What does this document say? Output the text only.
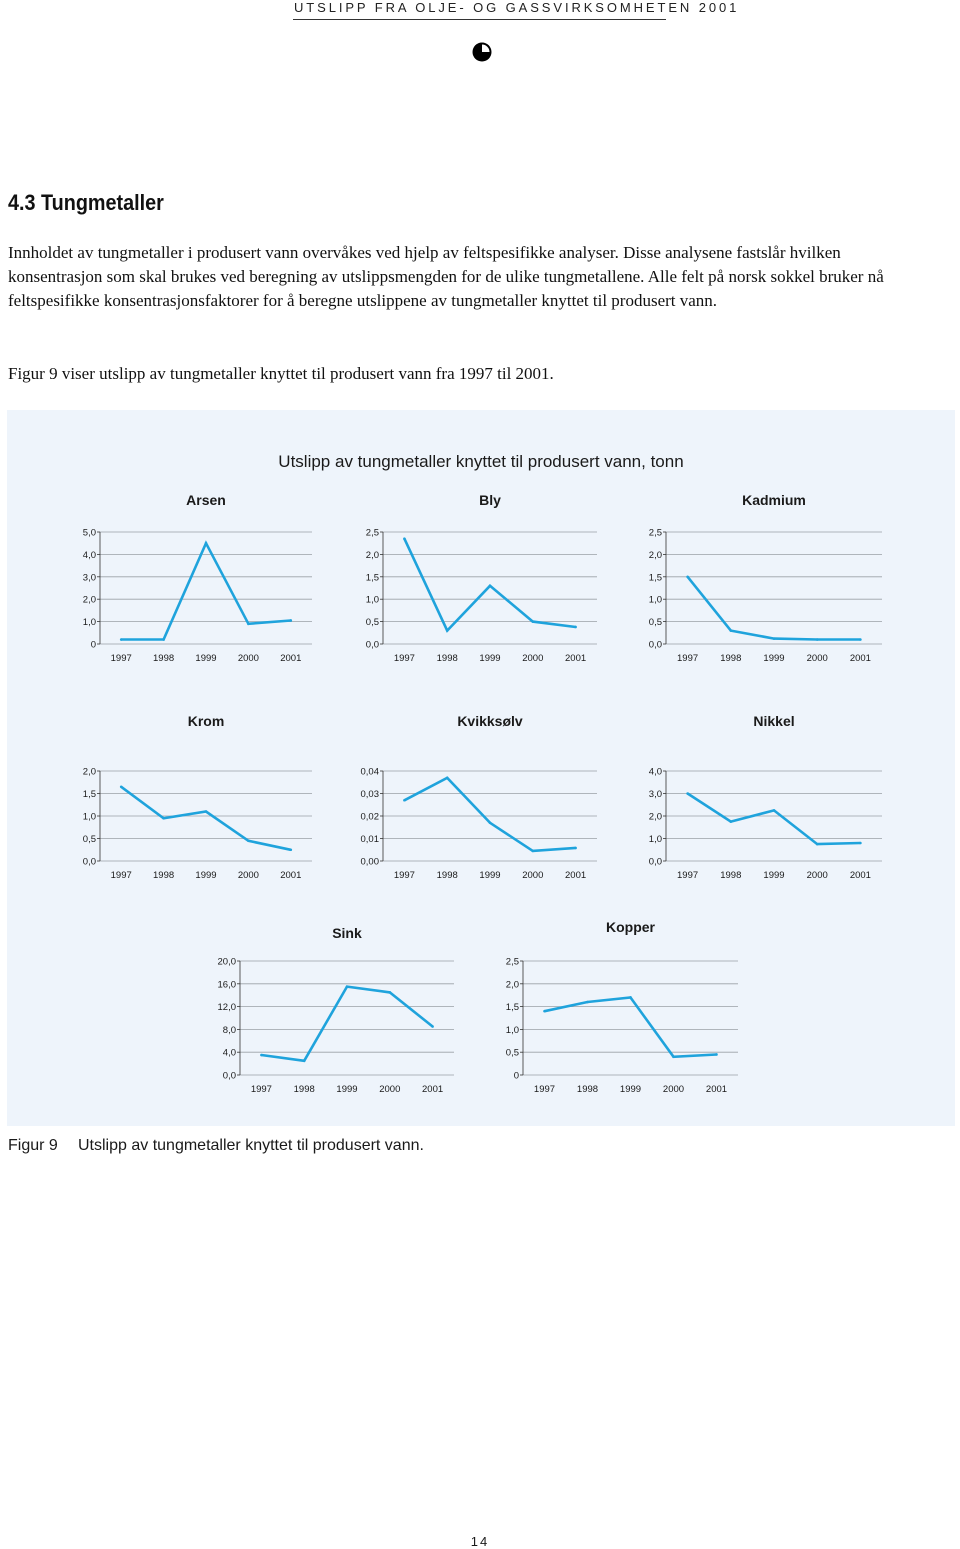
UTSLIPP FRA OLJE- OG GASSVIRKSOMHETEN 2001
4.3 Tungmetaller

Innholdet av tungmetaller i produsert vann overvåkes ved hjelp av feltspesifikke analyser. Disse analysene fastslår hvilken konsentrasjon som skal brukes ved beregning av utslippsmengden for de ulike tungmetallene. Alle felt på norsk sokkel bruker nå feltspesifikke konsentrasjonsfaktorer for å beregne utslippene av tungmetaller knyttet til produsert vann.

Figur 9 viser utslipp av tungmetaller knyttet til produsert vann fra 1997 til 2001.

Utslipp av tungmetaller knyttet til produsert vann, tonn
Arsen
0
1,0
2,0
3,0
4,0
5,0
1997 1998 1999 2000 2001
Bly
0,0
0,5
1,0
1,5
2,0
2,5
1997 1998 1999 2000 2001
Kadmium
0,0
0,5
1,0
1,5
2,0
2,5
1997 1998 1999 2000 2001
Krom
0,0
0,5
1,0
1,5
2,0
1997 1998 1999 2000 2001
Kvikksølv
0,00
0,01
0,02
0,03
0,04
1997 1998 1999 2000 2001
Nikkel
0,0
1,0
2,0
3,0
4,0
1997 1998 1999 2000 2001
Sink
0,0
4,0
8,0
12,0
16,0
20,0
1997 1998 1999 2000 2001
Kopper
0
0,5
1,0
1,5
2,0
2,5
1997 1998 1999 2000 2001
Figur 9 Utslipp av tungmetaller knyttet til produsert vann.
14
